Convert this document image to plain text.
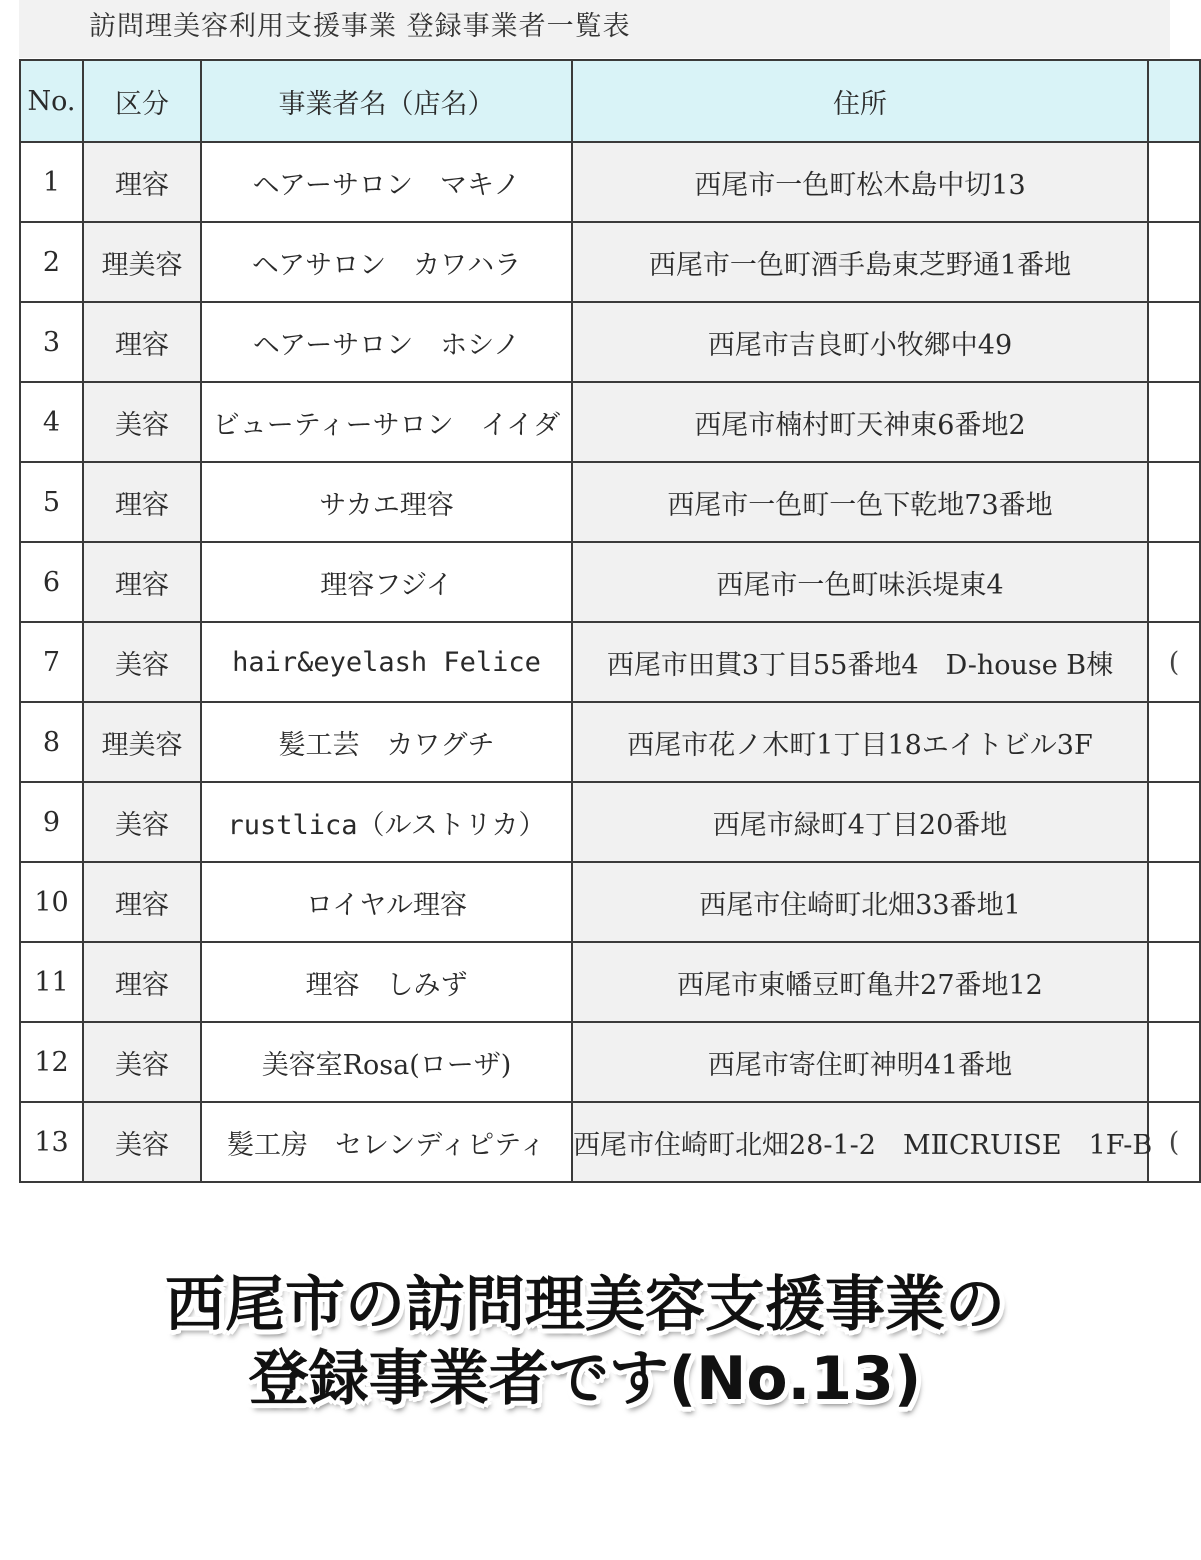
訪問理美容利用支援事業 登録事業者一覧表
No.	区分	事業者名（店名）	住所	
1	理容	ヘアーサロン　マキノ	西尾市一色町松木島中切13	
2	理美容	ヘアサロン　カワハラ	西尾市一色町酒手島東芝野通1番地	
3	理容	ヘアーサロン　ホシノ	西尾市吉良町小牧郷中49	
4	美容	ビューティーサロン　イイダ	西尾市楠村町天神東6番地2	
5	理容	サカエ理容	西尾市一色町一色下乾地73番地	
6	理容	理容フジイ	西尾市一色町味浜堤東4	
7	美容	hair&eyelash Felice	西尾市田貫3丁目55番地4　D-house B棟	(
8	理美容	髪工芸　カワグチ	西尾市花ノ木町1丁目18エイトビル3F	
9	美容	rustlica（ルストリカ）	西尾市緑町4丁目20番地	
10	理容	ロイヤル理容	西尾市住崎町北畑33番地1	
11	理容	理容　しみず	西尾市東幡豆町亀井27番地12	
12	美容	美容室Rosa(ローザ)	西尾市寄住町神明41番地	
13	美容	髪工房　セレンディピティ	西尾市住崎町北畑28-1-2　MⅡCRUISE　1F-B	(
西尾市の訪問理美容支援事業の
登録事業者です(No.13)
